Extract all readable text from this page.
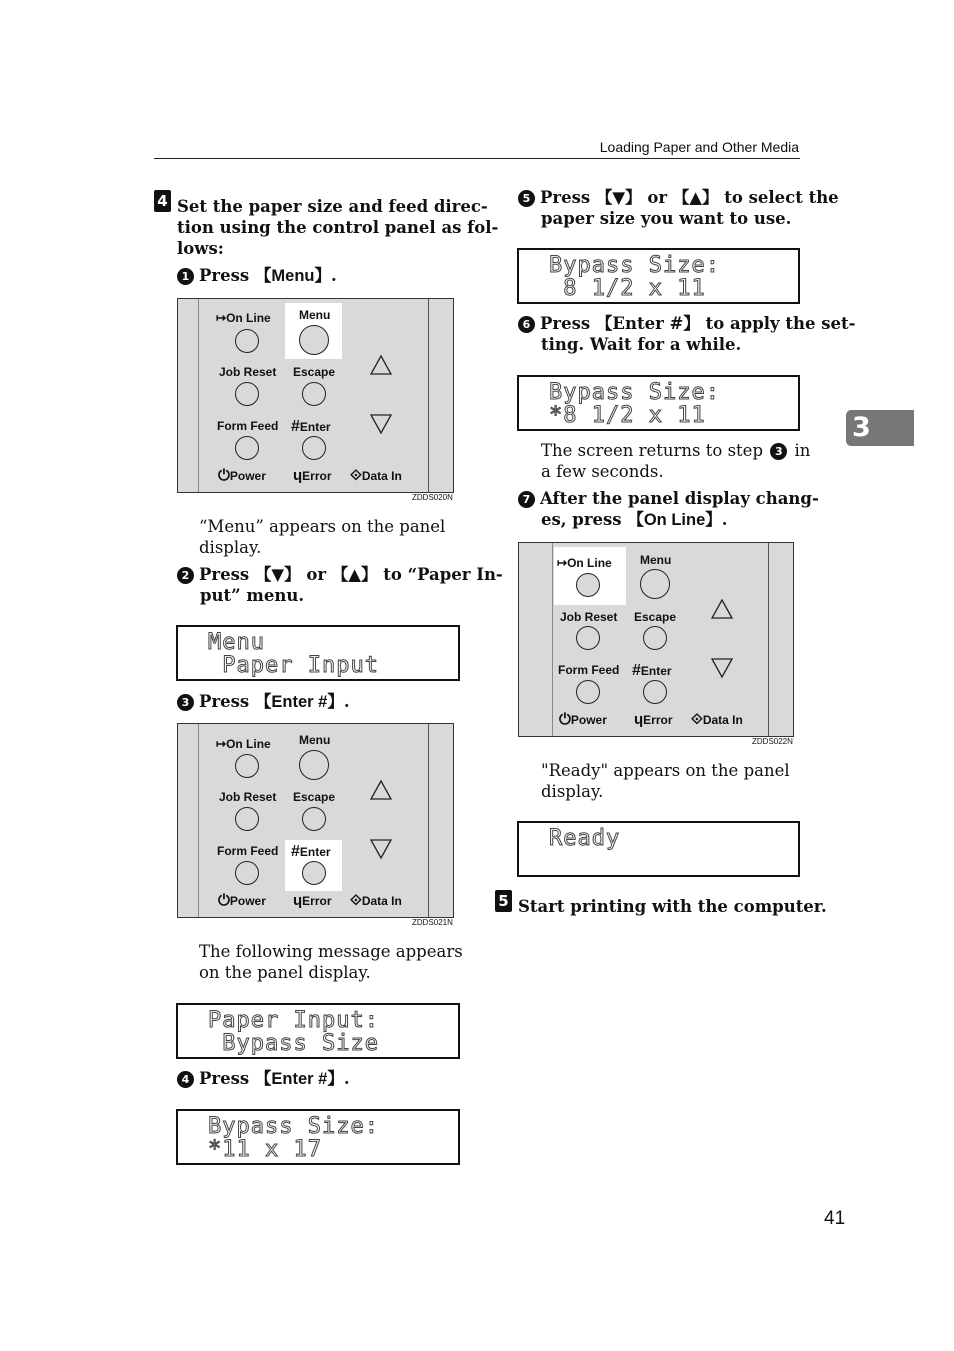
Loading Paper and Other Media
3
41
4 Set the paper size and feed direc-
tion using the control panel as fol-
lows:
1 Press 【Menu】.
↦On Line Menu
Job Reset Escape
Form Feed #Enter
⏻Power ɥError ⟐Data In
ZDDS020N
“Menu” appears on the panel
display.
2 Press 【▼】 or 【▲】 to “Paper In-
put” menu.
Menu
Paper Input
3 Press 【Enter #】.
↦On Line Menu
Job Reset Escape
Form Feed #Enter
⏻Power ɥError ⟐Data In
ZDDS021N
The following message appears
on the panel display.
Paper Input:
Bypass Size
4 Press 【Enter #】.
Bypass Size:
*11 x 17
5 Press 【▼】 or 【▲】 to select the
paper size you want to use.
Bypass Size:
8 1/2 x 11
6 Press 【Enter #】 to apply the set-
ting. Wait for a while.
Bypass Size:
*8 1/2 x 11
The screen returns to step 3 in
a few seconds.
7 After the panel display chang-
es, press 【On Line】.
↦On Line Menu
Job Reset Escape
Form Feed #Enter
⏻Power ɥError ⟐Data In
ZDDS022N
"Ready" appears on the panel
display.
Ready
5 Start printing with the computer.
